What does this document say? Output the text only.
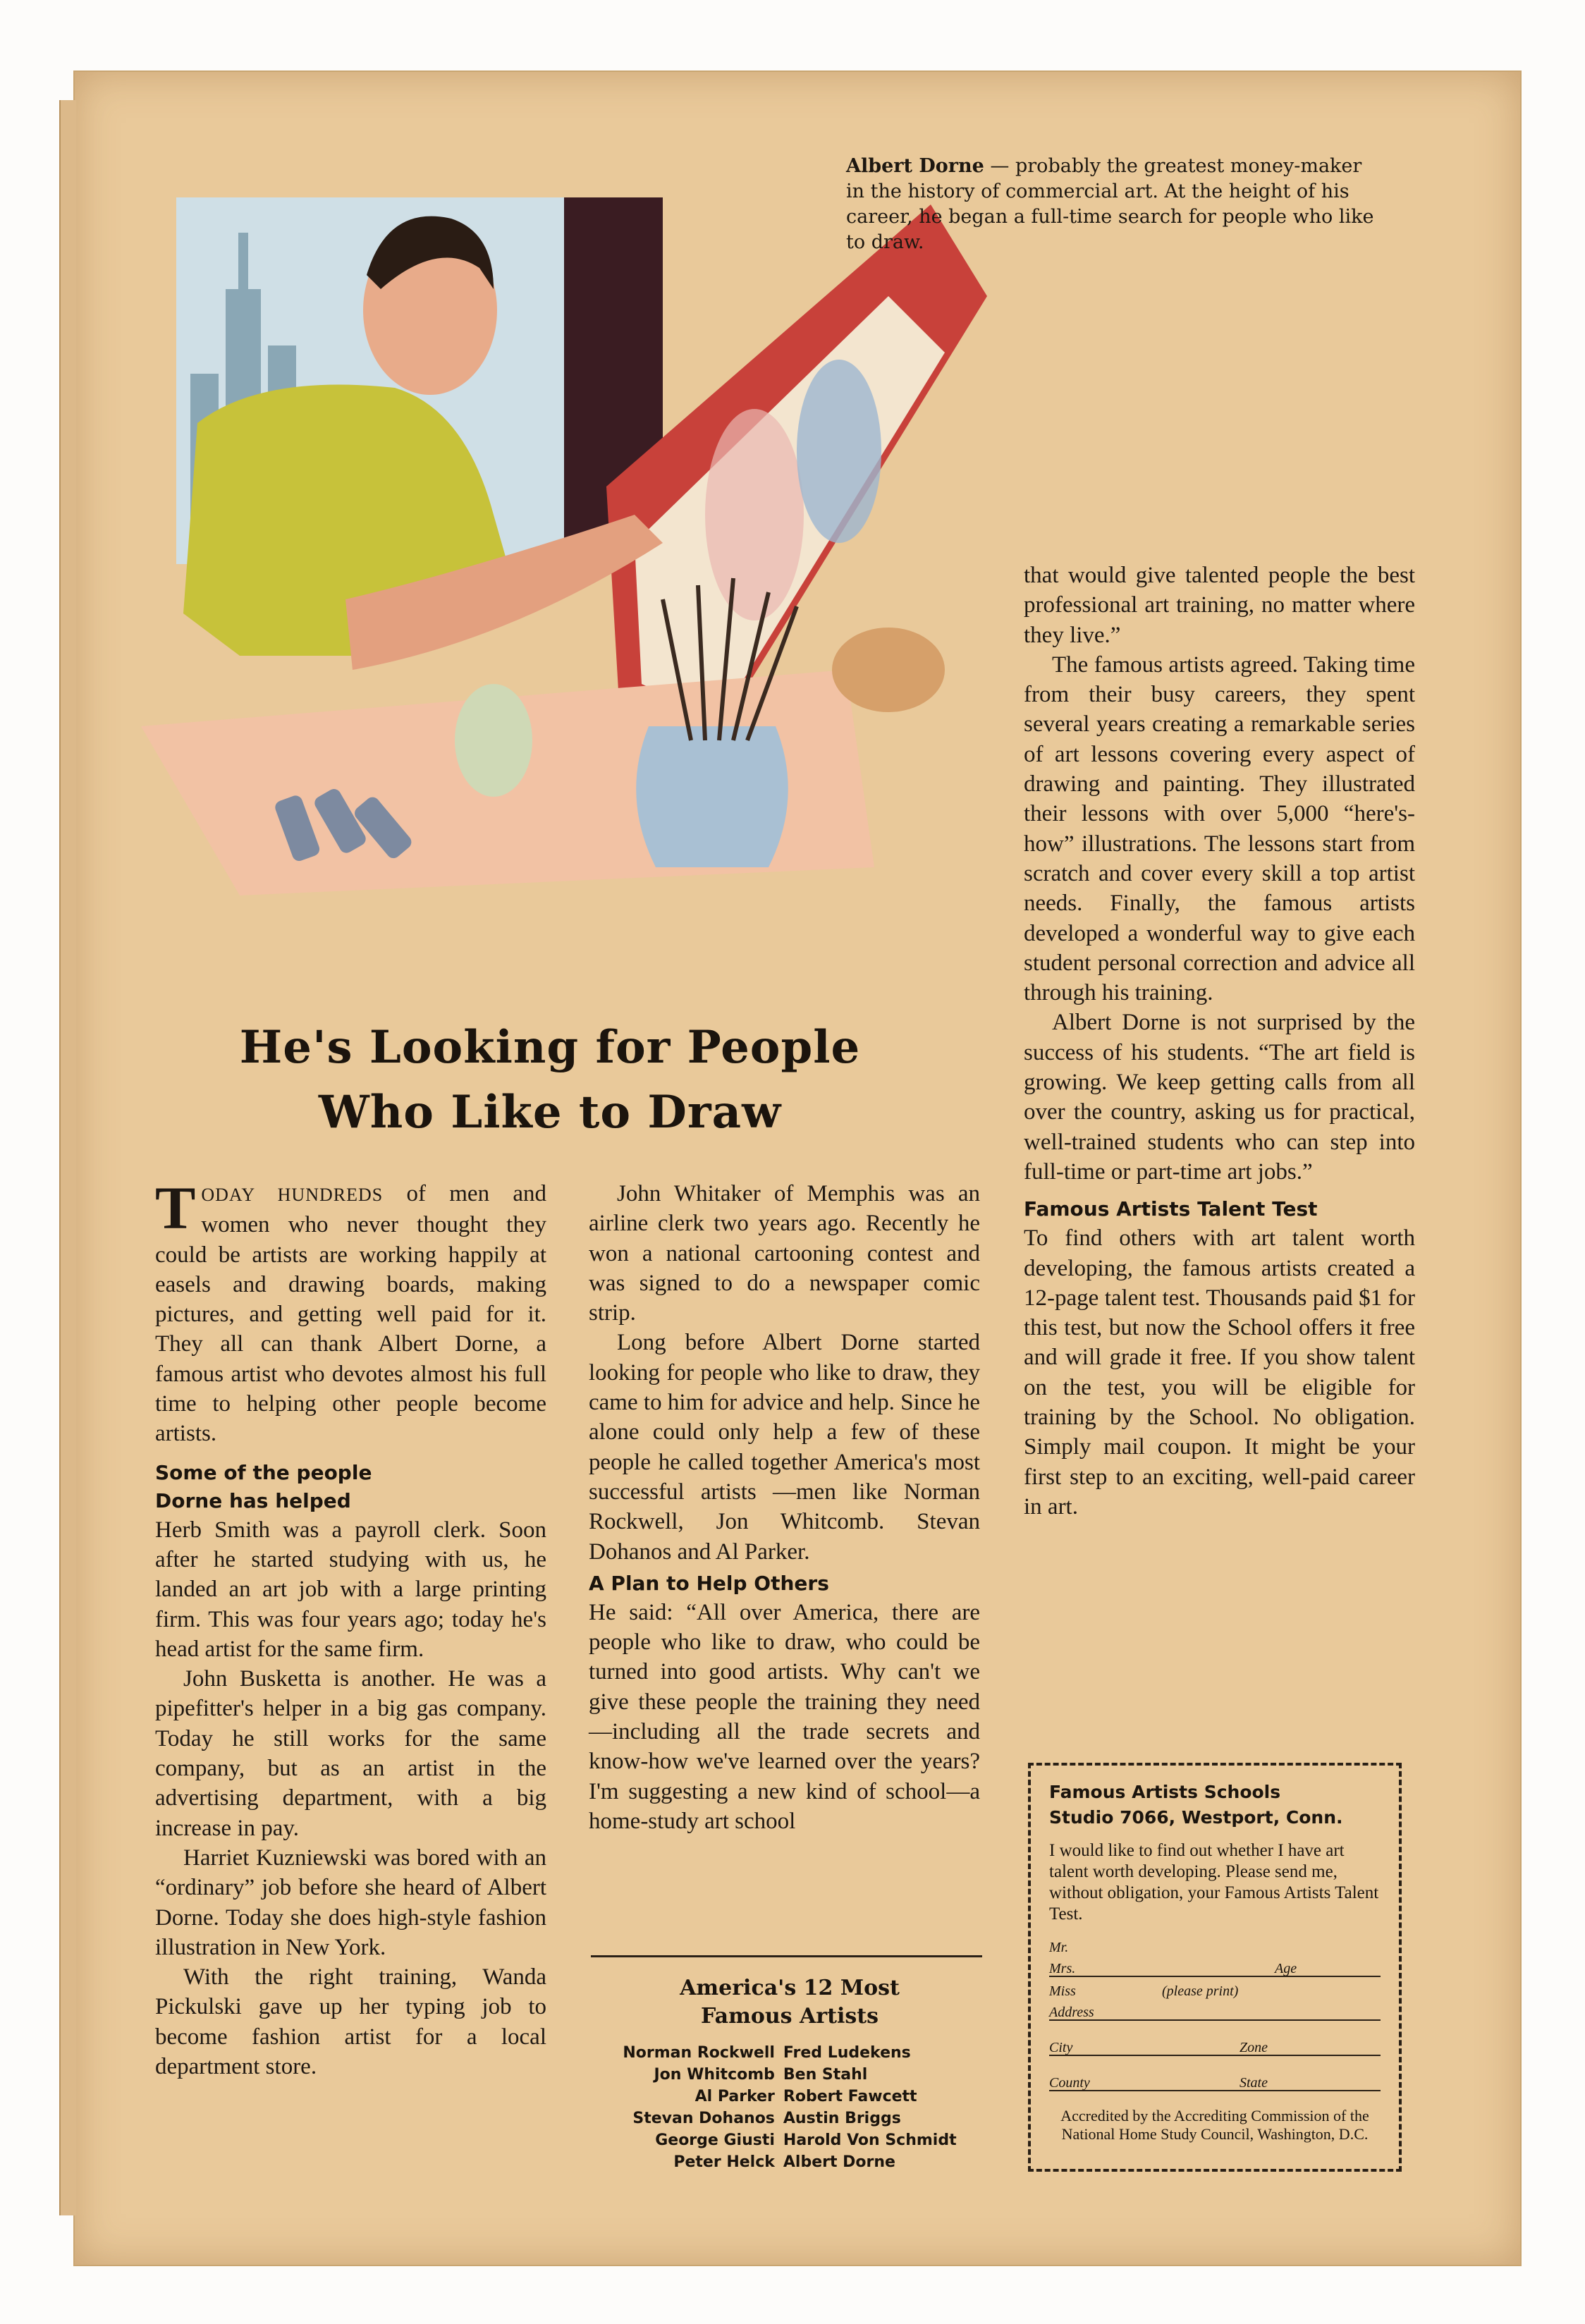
Albert Dorne — probably the greatest money-maker in the history of commercial art. At the height of his career, he began a full-time search for people who like to draw.
He's Looking for People
Who Like to Draw

TODAY HUNDREDS of men and women who never thought they could be artists are working happily at easels and drawing boards, making pictures, and getting well paid for it. They all can thank Albert Dorne, a famous artist who devotes almost his full time to helping other people become artists.

Some of the people
Dorne has helped

Herb Smith was a payroll clerk. Soon after he started studying with us, he landed an art job with a large printing firm. This was four years ago; today he's head artist for the same firm.

John Busketta is another. He was a pipefitter's helper in a big gas company. Today he still works for the same company, but as an artist in the advertising department, with a big increase in pay.

Harriet Kuzniewski was bored with an “ordinary” job before she heard of Albert Dorne. Today she does high-style fashion illustration in New York.

With the right training, Wanda Pickulski gave up her typing job to become fashion artist for a local department store.

John Whitaker of Memphis was an airline clerk two years ago. Recently he won a national cartooning contest and was signed to do a newspaper comic strip.

Long before Albert Dorne started looking for people who like to draw, they came to him for advice and help. Since he alone could only help a few of these people he called together America's most successful artists —men like Norman Rockwell, Jon Whitcomb. Stevan Dohanos and Al Parker.

A Plan to Help Others

He said: “All over America, there are people who like to draw, who could be turned into good artists. Why can't we give these people the training they need—including all the trade secrets and know-how we've learned over the years? I'm suggesting a new kind of school—a home-study art school

America's 12 Most
Famous Artists
Norman Rockwell	Fred Ludekens
Jon Whitcomb	Ben Stahl
Al Parker	Robert Fawcett
Stevan Dohanos	Austin Briggs
George Giusti	Harold Von Schmidt
Peter Helck	Albert Dorne

that would give talented people the best professional art training, no matter where they live.”

The famous artists agreed. Taking time from their busy careers, they spent several years creating a remarkable series of art lessons covering every aspect of drawing and painting. They illustrated their lessons with over 5,000 “here's-how” illustrations. The lessons start from scratch and cover every skill a top artist needs. Finally, the famous artists developed a wonderful way to give each student personal correction and advice all through his training.

Albert Dorne is not surprised by the success of his students. “The art field is growing. We keep getting calls from all over the country, asking us for practical, well-trained students who can step into full-time or part-time art jobs.”

Famous Artists Talent Test

To find others with art talent worth developing, the famous artists created a 12-page talent test. Thousands paid $1 for this test, but now the School offers it free and will grade it free. If you show talent on the test, you will be eligible for training by the School. No obligation. Simply mail coupon. It might be your first step to an exciting, well-paid career in art.

Famous Artists Schools
Studio 7066, Westport, Conn.
I would like to find out whether I have art talent worth developing. Please send me, without obligation, your Famous Artists Talent Test.
Mr.
Mrs.	Age
Miss	(please print)
Address
City	Zone
County	State
Accredited by the Accrediting Commission of the National Home Study Council, Washington, D.C.
